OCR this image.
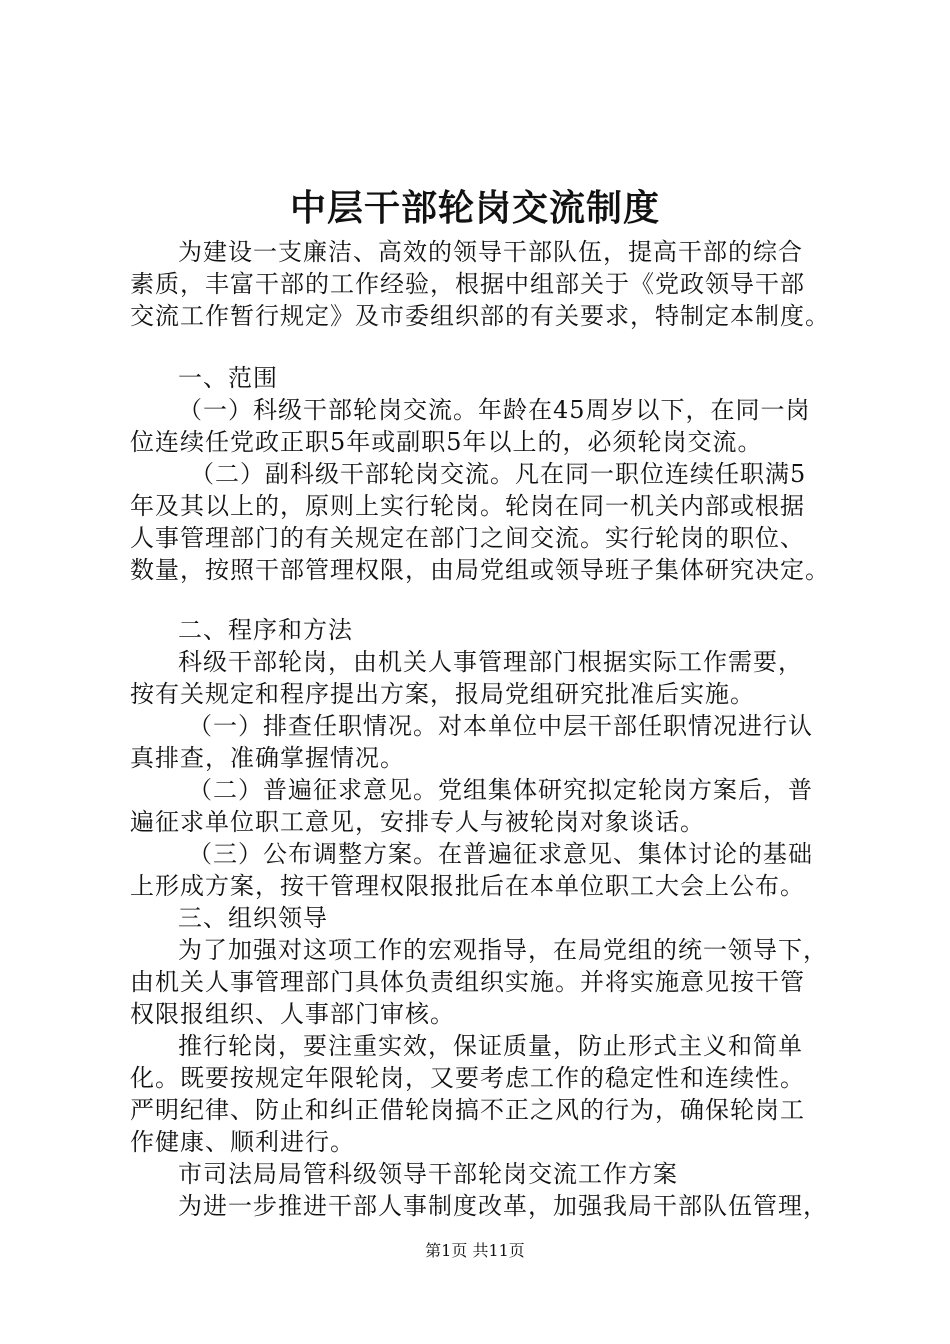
中层干部轮岗交流制度
为建设一支廉洁、高效的领导干部队伍，提高干部的综合
素质，丰富干部的工作经验，根据中组部关于《党政领导干部
交流工作暂行规定》及市委组织部的有关要求，特制定本制度。
一、范围
（一）科级干部轮岗交流。年龄在45周岁以下，在同一岗
位连续任党政正职5年或副职5年以上的，必须轮岗交流。
（二）副科级干部轮岗交流。凡在同一职位连续任职满5
年及其以上的，原则上实行轮岗。轮岗在同一机关内部或根据
人事管理部门的有关规定在部门之间交流。实行轮岗的职位、
数量，按照干部管理权限，由局党组或领导班子集体研究决定。
二、程序和方法
科级干部轮岗，由机关人事管理部门根据实际工作需要，
按有关规定和程序提出方案，报局党组研究批准后实施。
（一）排查任职情况。对本单位中层干部任职情况进行认
真排查，准确掌握情况。
（二）普遍征求意见。党组集体研究拟定轮岗方案后，普
遍征求单位职工意见，安排专人与被轮岗对象谈话。
（三）公布调整方案。在普遍征求意见、集体讨论的基础
上形成方案，按干管理权限报批后在本单位职工大会上公布。
三、组织领导
为了加强对这项工作的宏观指导，在局党组的统一领导下，
由机关人事管理部门具体负责组织实施。并将实施意见按干管
权限报组织、人事部门审核。
推行轮岗，要注重实效，保证质量，防止形式主义和简单
化。既要按规定年限轮岗，又要考虑工作的稳定性和连续性。
严明纪律、防止和纠正借轮岗搞不正之风的行为，确保轮岗工
作健康、顺利进行。
市司法局局管科级领导干部轮岗交流工作方案
为进一步推进干部人事制度改革，加强我局干部队伍管理，
第1页 共11页
